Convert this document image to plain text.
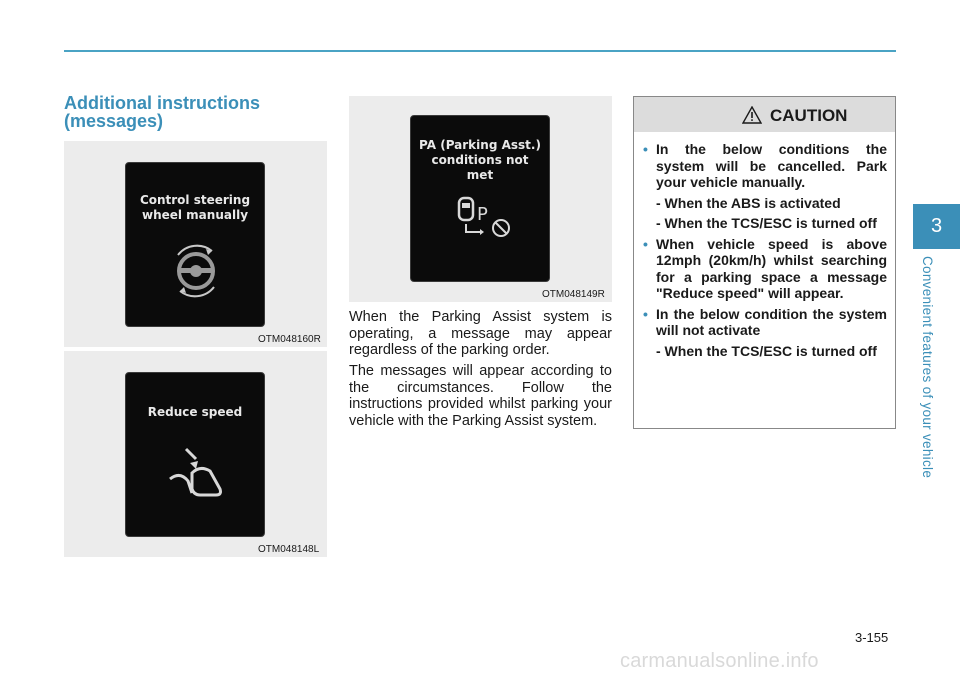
Additional instructions
(messages)
Control steering
wheel manually
OTM048160R
Reduce speed
OTM048148L
PA (Parking Asst.)
conditions not
met
P
OTM048149R
When the Parking Assist system is operating, a message may appear regardless of the parking order.
The messages will appear according to the circumstances. Follow the instructions provided whilst parking your vehicle with the Parking Assist system.
CAUTION
• In the below conditions the system will be cancelled. Park your vehicle manually.
- When the ABS is activated
- When the TCS/ESC is turned off
• When vehicle speed is above 12mph (20km/h) whilst searching for a parking space a message "Reduce speed" will appear.
• In the below condition the system will not activate
- When the TCS/ESC is turned off
3
Convenient features of your vehicle
3-155
carmanualsonline.info
